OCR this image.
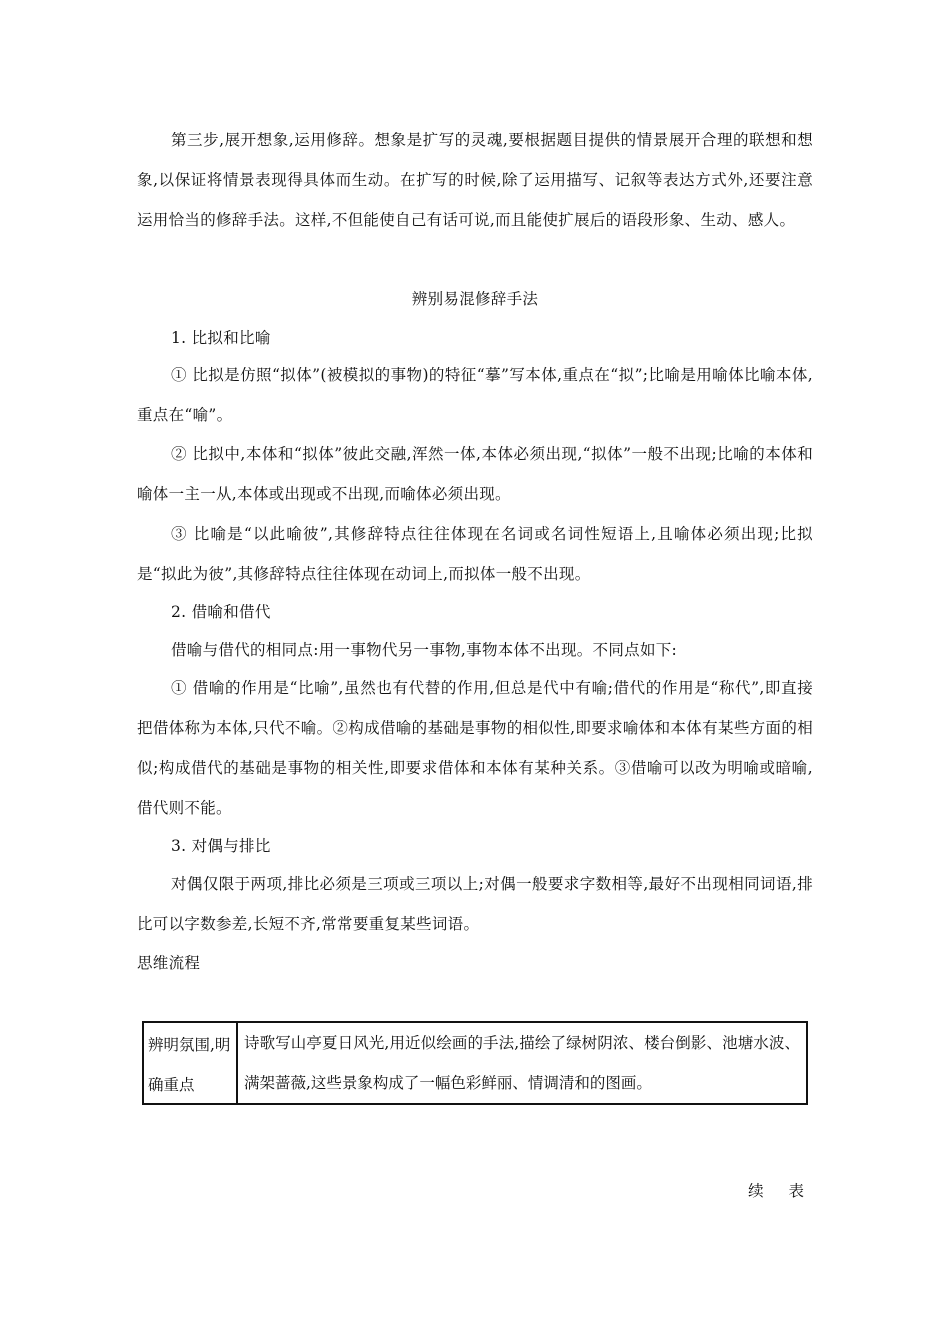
第三步,展开想象,运用修辞。想象是扩写的灵魂,要根据题目提供的情景展开合理的联想和想象,以保证将情景表现得具体而生动。在扩写的时候,除了运用描写、记叙等表达方式外,还要注意运用恰当的修辞手法。这样,不但能使自己有话可说,而且能使扩展后的语段形象、生动、感人。

辨别易混修辞手法

1. 比拟和比喻

① 比拟是仿照“拟体”(被模拟的事物)的特征“摹”写本体,重点在“拟”;比喻是用喻体比喻本体,重点在“喻”。

② 比拟中,本体和“拟体”彼此交融,浑然一体,本体必须出现,“拟体”一般不出现;比喻的本体和喻体一主一从,本体或出现或不出现,而喻体必须出现。

③ 比喻是“以此喻彼”,其修辞特点往往体现在名词或名词性短语上,且喻体必须出现;比拟是“拟此为彼”,其修辞特点往往体现在动词上,而拟体一般不出现。

2. 借喻和借代

借喻与借代的相同点:用一事物代另一事物,事物本体不出现。不同点如下:

① 借喻的作用是“比喻”,虽然也有代替的作用,但总是代中有喻;借代的作用是“称代”,即直接把借体称为本体,只代不喻。②构成借喻的基础是事物的相似性,即要求喻体和本体有某些方面的相似;构成借代的基础是事物的相关性,即要求借体和本体有某种关系。③借喻可以改为明喻或暗喻,借代则不能。

3. 对偶与排比

对偶仅限于两项,排比必须是三项或三项以上;对偶一般要求字数相等,最好不出现相同词语,排比可以字数参差,长短不齐,常常要重复某些词语。

思维流程

辨明氛围,明确重点
诗歌写山亭夏日风光,用近似绘画的手法,描绘了绿树阴浓、楼台倒影、池塘水波、满架蔷薇,这些景象构成了一幅色彩鲜丽、情调清和的图画。
续 表
